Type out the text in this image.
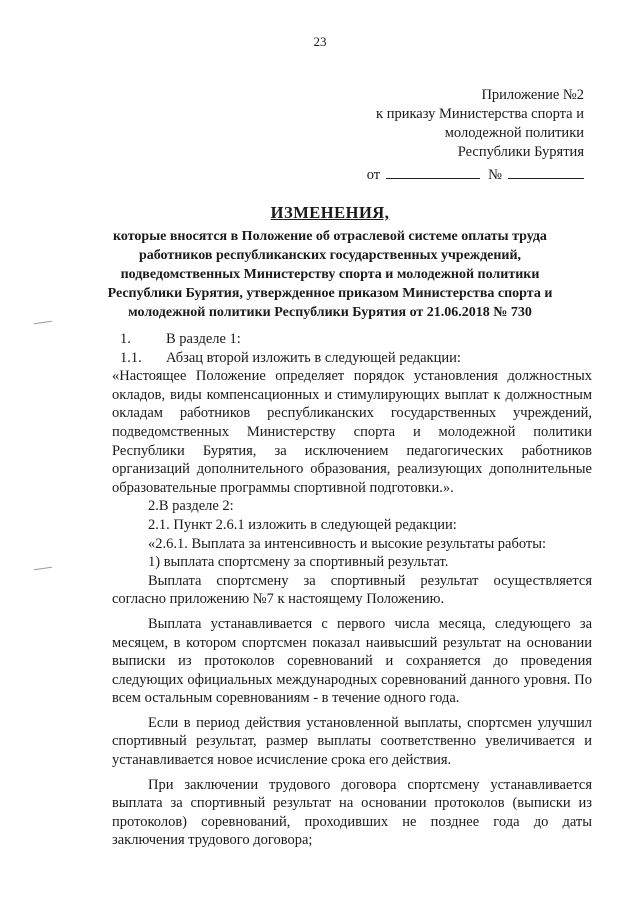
23
Приложение №2
к приказу Министерства спорта и
молодежной политики
Республики Бурятия
от	№
ИЗМЕНЕНИЯ,
которые вносятся в Положение об отраслевой системе оплаты труда
работников республиканских государственных учреждений,
подведомственных Министерству спорта и молодежной политики
Республики Бурятия, утвержденное приказом Министерства спорта и
молодежной политики Республики Бурятия от 21.06.2018 № 730

1.	В разделе 1:

1.1.	Абзац второй изложить в следующей редакции:

«Настоящее Положение определяет порядок установления должностных окладов, виды компенсационных и стимулирующих выплат к должностным окладам работников республиканских государственных учреждений, подведомственных Министерству спорта и молодежной политики Республики Бурятия, за исключением педагогических работников организаций дополнительного образования, реализующих дополнительные образовательные программы спортивной подготовки.».

2.В разделе 2:

2.1. Пункт 2.6.1 изложить в следующей редакции:

«2.6.1. Выплата за интенсивность и высокие результаты работы:

1) выплата спортсмену за спортивный результат.

Выплата спортсмену за спортивный результат осуществляется согласно приложению №7 к настоящему Положению.

Выплата устанавливается с первого числа месяца, следующего за месяцем, в котором спортсмен показал наивысший результат на основании выписки из протоколов соревнований и сохраняется до проведения следующих официальных международных соревнований данного уровня. По всем остальным соревнованиям - в течение одного года.

Если в период действия установленной выплаты, спортсмен улучшил спортивный результат, размер выплаты соответственно увеличивается и устанавливается новое исчисление срока его действия.

При заключении трудового договора спортсмену устанавливается выплата за спортивный результат на основании протоколов (выписки из протоколов) соревнований, проходивших не позднее года до даты заключения трудового договора;
